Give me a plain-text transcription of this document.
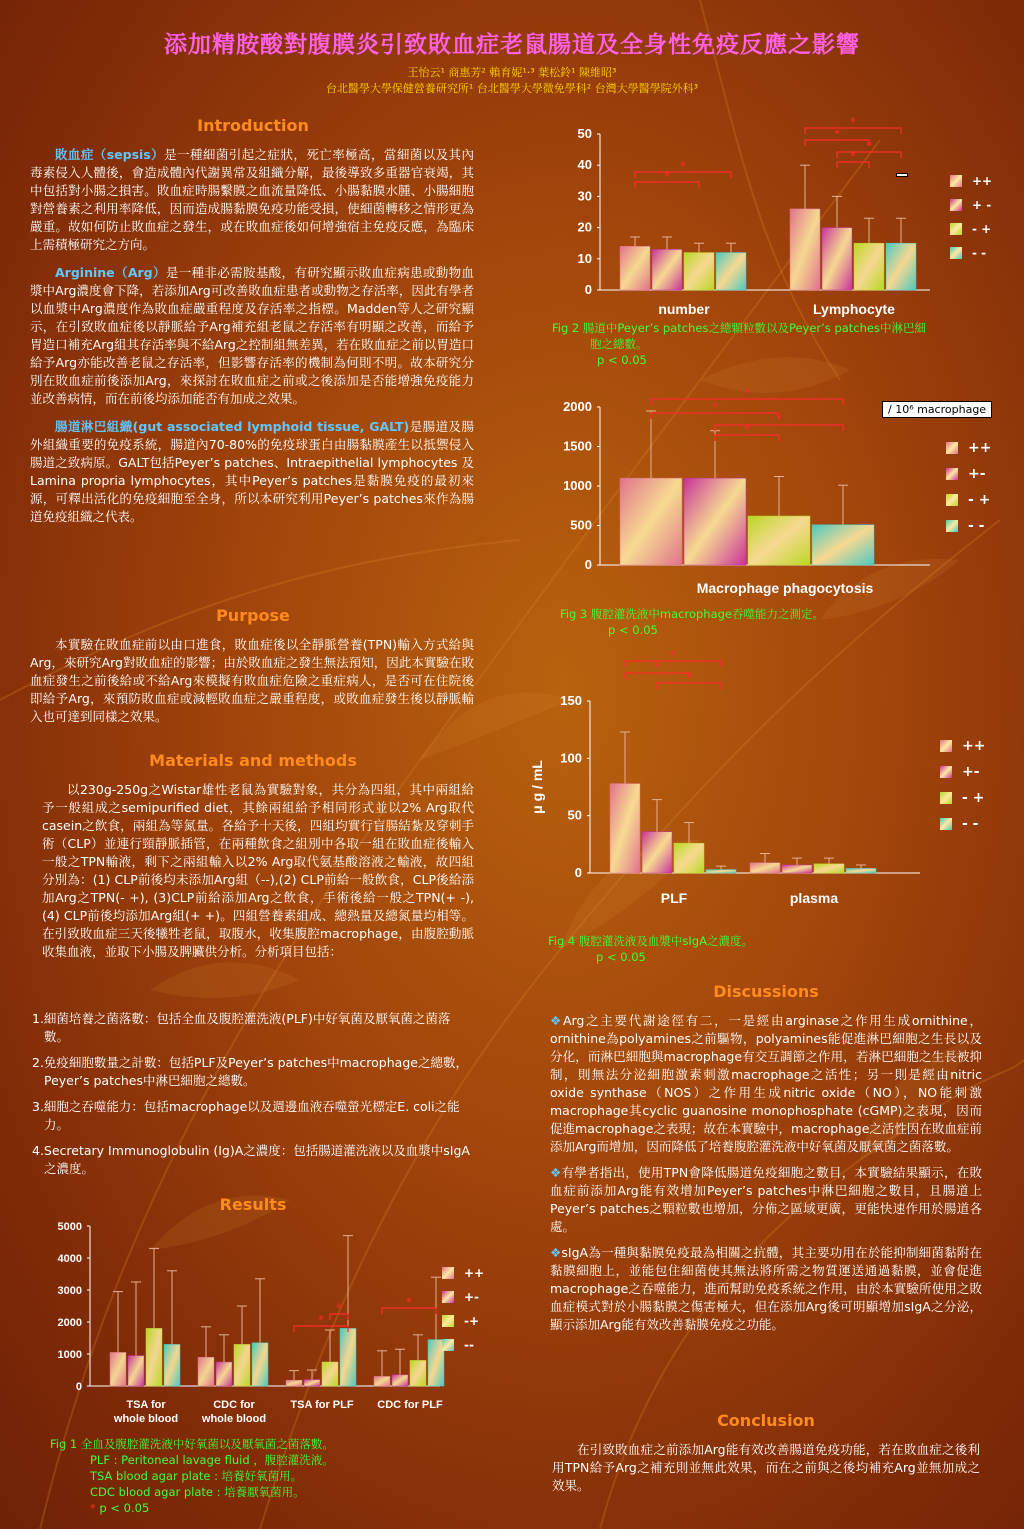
添加精胺酸對腹膜炎引致敗血症老鼠腸道及全身性免疫反應之影響
王怡云¹ 商惠芳² 賴育妮¹·³ 葉松鈴¹ 陳維昭³
台北醫學大學保健營養研究所¹ 台北醫學大學微免學科² 台灣大學醫學院外科³
Introduction

敗血症（sepsis）是一種細菌引起之症狀，死亡率極高，當細菌以及其內毒素侵入人體後，會造成體內代謝異常及組織分解，最後導致多重器官衰竭，其中包括對小腸之損害。敗血症時腸繫膜之血流量降低、小腸黏膜水腫、小腸細胞對營養素之利用率降低，因而造成腸黏膜免疫功能受損，使細菌轉移之情形更為嚴重。故如何防止敗血症之發生，或在敗血症後如何增強宿主免疫反應，為臨床上需積極研究之方向。

Arginine（Arg）是一種非必需胺基酸，有研究顯示敗血症病患或動物血漿中Arg濃度會下降，若添加Arg可改善敗血症患者或動物之存活率，因此有學者以血漿中Arg濃度作為敗血症嚴重程度及存活率之指標。Madden等人之研究顯示，在引致敗血症後以靜脈給予Arg補充組老鼠之存活率有明顯之改善，而給予胃造口補充Arg組其存活率與不給Arg之控制組無差異，若在敗血症之前以胃造口給予Arg亦能改善老鼠之存活率，但影響存活率的機制為何則不明。故本研究分別在敗血症前後添加Arg，來探討在敗血症之前或之後添加是否能增強免疫能力並改善病情，而在前後均添加能否有加成之效果。

腸道淋巴組織(gut associated lymphoid tissue, GALT)是腸道及腸外組織重要的免疫系統，腸道內70-80%的免疫球蛋白由腸黏膜產生以抵禦侵入腸道之致病原。GALT包括Peyer’s patches、Intraepithelial lymphocytes 及 Lamina propria lymphocytes，其中Peyer’s patches是黏膜免疫的最初來源，可釋出活化的免疫細胞至全身，所以本研究利用Peyer’s patches來作為腸道免疫組織之代表。

Purpose

本實驗在敗血症前以由口進食，敗血症後以全靜脈營養(TPN)輸入方式給與Arg，來研究Arg對敗血症的影響；由於敗血症之發生無法預知，因此本實驗在敗血症發生之前後給或不給Arg來模擬有敗血症危險之重症病人，是否可在住院後即給予Arg，來預防敗血症或減輕敗血症之嚴重程度，或敗血症發生後以靜脈輸入也可達到同樣之效果。

Materials and methods

以230g-250g之Wistar雄性老鼠為實驗對象，共分為四組，其中兩組給予一般組成之semipurified diet，其餘兩組給予相同形式並以2% Arg取代casein之飲食，兩組為等氮量。各給予十天後，四組均實行盲腸結紮及穿刺手術（CLP）並連行頸靜脈插管，在兩種飲食之組別中各取一組在敗血症後輸入一般之TPN輸液，剩下之兩組輸入以2% Arg取代氨基酸溶液之輸液，故四組分別為：(1) CLP前後均未添加Arg組（--),(2) CLP前給一般飲食，CLP後給添加Arg之TPN(- +), (3)CLP前給添加Arg之飲食，手術後給一般之TPN(+ -), (4) CLP前後均添加Arg組(+ +)。四組營養素組成、總熱量及總氮量均相等。在引致敗血症三天後犧牲老鼠，取腹水，收集腹腔macrophage，由腹腔動脈收集血液，並取下小腸及脾臟供分析。分析項目包括：

1.細菌培養之菌落數：包括全血及腹腔灌洗液(PLF)中好氧菌及厭氧菌之菌落數。
2.免疫細胞數量之計數：包括PLF及Peyer’s patches中macrophage之總數，Peyer’s patches中淋巴細胞之總數。
3.細胞之吞噬能力：包括macrophage以及週邊血液吞噬螢光標定E. coli之能力。
4.Secretary Immunoglobulin (Ig)A之濃度：包括腸道灌洗液以及血漿中sIgA之濃度。
Results
0
1000
2000
3000
4000
5000
TSA for
whole blood
CDC for
whole blood
TSA for PLF CDC for PLF
*
*	*
++
+-
-+
--
Fig 1 全血及腹腔灌洗液中好氧菌以及厭氧菌之菌落數。
PLF : Peritoneal lavage fluid ，腹腔灌洗液。
TSA blood agar plate : 培養好氧菌用。
CDC blood agar plate : 培養厭氧菌用。
* p < 0.05
0
10
20
30
40
50
number	Lymphocyte
*
*
*
*
*
*
++
+ -
- +
- -
Fig 2 腸道中Peyer’s patches之總顆粒數以及Peyer’s patches中淋巴細
胞之總數。
p < 0.05
0
500
1000
1500
2000
Macrophage phagocytosis
*
*
*
*
/ 10⁶ macrophage
++
+-
- +
- -
Fig 3 腹腔灌洗液中macrophage吞噬能力之測定。
p < 0.05
0
50
100
150
PLF	plasma
μ g / mL
*
*
*
++
+-
- +
- -
Fig 4 腹腔灌洗液及血漿中sIgA之濃度。
p < 0.05
Discussions
❖Arg之主要代謝途徑有二，一是經由arginase之作用生成ornithine，ornithine為polyamines之前驅物，polyamines能促進淋巴細胞之生長以及分化，而淋巴細胞與macrophage有交互調節之作用，若淋巴細胞之生長被抑制，則無法分泌細胞激素刺激macrophage之活性；另一則是經由nitric oxide synthase（NOS）之作用生成nitric oxide（NO），NO能刺激macrophage其cyclic guanosine monophosphate (cGMP)之表現，因而促進macrophage之表現；故在本實驗中，macrophage之活性因在敗血症前添加Arg而增加，因而降低了培養腹腔灌洗液中好氧菌及厭氧菌之菌落數。
❖有學者指出，使用TPN會降低腸道免疫細胞之數目，本實驗結果顯示，在敗血症前添加Arg能有效增加Peyer’s patches中淋巴細胞之數目，且腸道上Peyer’s patches之顆粒數也增加，分佈之區域更廣，更能快速作用於腸道各處。
❖sIgA為一種與黏膜免疫最為相關之抗體，其主要功用在於能抑制細菌黏附在黏膜細胞上，並能包住細菌使其無法將所需之物質運送通過黏膜，並會促進macrophage之吞噬能力，進而幫助免疫系統之作用，由於本實驗所使用之敗血症模式對於小腸黏膜之傷害極大，但在添加Arg後可明顯增加sIgA之分泌，顯示添加Arg能有效改善黏膜免疫之功能。
Conclusion

在引致敗血症之前添加Arg能有效改善腸道免疫功能，若在敗血症之後利用TPN給予Arg之補充則並無此效果，而在之前與之後均補充Arg並無加成之效果。
